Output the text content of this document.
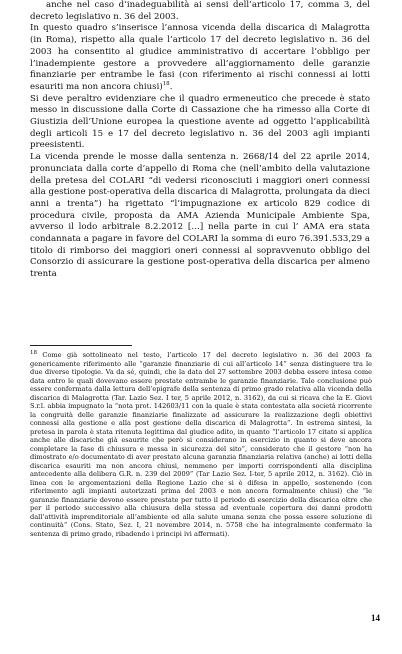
anche nel caso d’inadeguabilità ai sensi dell’articolo 17, comma 3, del decreto legislativo n. 36 del 2003.

In questo quadro s’inserisce l’annosa vicenda della discarica di Malagrotta (in Roma), rispetto alla quale l’articolo 17 del decreto legislativo n. 36 del 2003 ha consentito al giudice amministrativo di accertare l’obbligo per l’inadempiente gestore a provvedere all’aggiornamento delle garanzie finanziarie per entrambe le fasi (con riferimento ai rischi connessi ai lotti esauriti ma non ancora chiusi)$^{18}$.

Si deve peraltro evidenziare che il quadro ermeneutico che precede è stato messo in discussione dalla Corte di Cassazione che ha rimesso alla Corte di Giustizia dell’Unione europea la questione avente ad oggetto l’applicabilità degli articoli 15 e 17 del decreto legislativo n. 36 del 2003 agli impianti preesistenti.

La vicenda prende le mosse dalla sentenza n. 2668/14 del 22 aprile 2014, pronunciata dalla corte d’appello di Roma che (nell’ambito della valutazione della pretesa del COLARI “di vedersi riconosciuti i maggiori oneri connessi alla gestione post-operativa della discarica di Malagrotta, prolungata da dieci anni a trenta”) ha rigettato “l’impugnazione ex articolo 829 codice di procedura civile, proposta da AMA Azienda Municipale Ambiente Spa, avverso il lodo arbitrale 8.2.2012 […] nella parte in cui l’ AMA era stata condannata a pagare in favore del COLARI la somma di euro 76.391.533,29 a titolo di rimborso dei maggiori oneri connessi al sopravvenuto obbligo del Consorzio di assicurare la gestione post-operativa della discarica per almeno trenta

$^{18}$ Come già sottolineato nel testo, l’articolo 17 del decreto legislativo n. 36 del 2003 fa genericamente riferimento alle “garanzie finanziarie di cui all’articolo 14” senza distinguere tra le due diverse tipologie. Va da sé, quindi, che la data del 27 settembre 2003 debba essere intesa come data entro le quali dovevano essere prestate entrambe le garanzie finanziarie. Tale conclusione può essere confermata dalla lettura dell’epigrafe della sentenza di primo grado relativa alla vicenda della discarica di Malagrotta (Tar. Lazio Sez. I ter, 5 aprile 2012, n. 3162), da cui si ricava che la E. Giovi S.r.l. abbia impugnato la “nota prot. 142603/11 con la quale è stata contestata alla società ricorrente la congruità delle garanzie finanziarie finalizzate ad assicurare la realizzazione degli obiettivi connessi alla gestione e alla post gestione della discarica di Malagrotta”. In estrema sintesi, la pretesa in parola è stata ritenuta legittima dal giudice adito, in quanto “l’articolo 17 citato si applica anche alle discariche già esaurite che però si considerano in esercizio in quanto si deve ancora completare la fase di chiusura e messa in sicurezza del sito”, considerato che il gestore “non ha dimostrato e/o documentato di aver prestato alcuna garanzia finanziaria relativa (anche) ai lotti della discarica esauriti ma non ancora chiusi, nemmeno per importi corrispondenti alla disciplina antecedente alla delibera G.R. n. 239 del 2009” (Tar Lazio Sez. I-ter, 5 aprile 2012, n. 3162). Ciò in linea con le argomentazioni della Regione Lazio che si è difesa in appello, sostenendo (con riferimento agli impianti autorizzati prima del 2003 e non ancora formalmente chiusi) che “le garanzie finanziarie devono essere prestate per tutto il periodo di esercizio della discarica oltre che per il periodo successivo alla chiusura della stessa ad eventuale copertura dei danni prodotti dall’attività imprenditoriale all’ambiente ed alla salute umana senza che possa essere soluzione di continuità” (Cons. Stato, Sez. I, 21 novembre 2014, n. 5758 che ha integralmente confermato la sentenza di primo grado, ribadendo i principi ivi affermati).

14
